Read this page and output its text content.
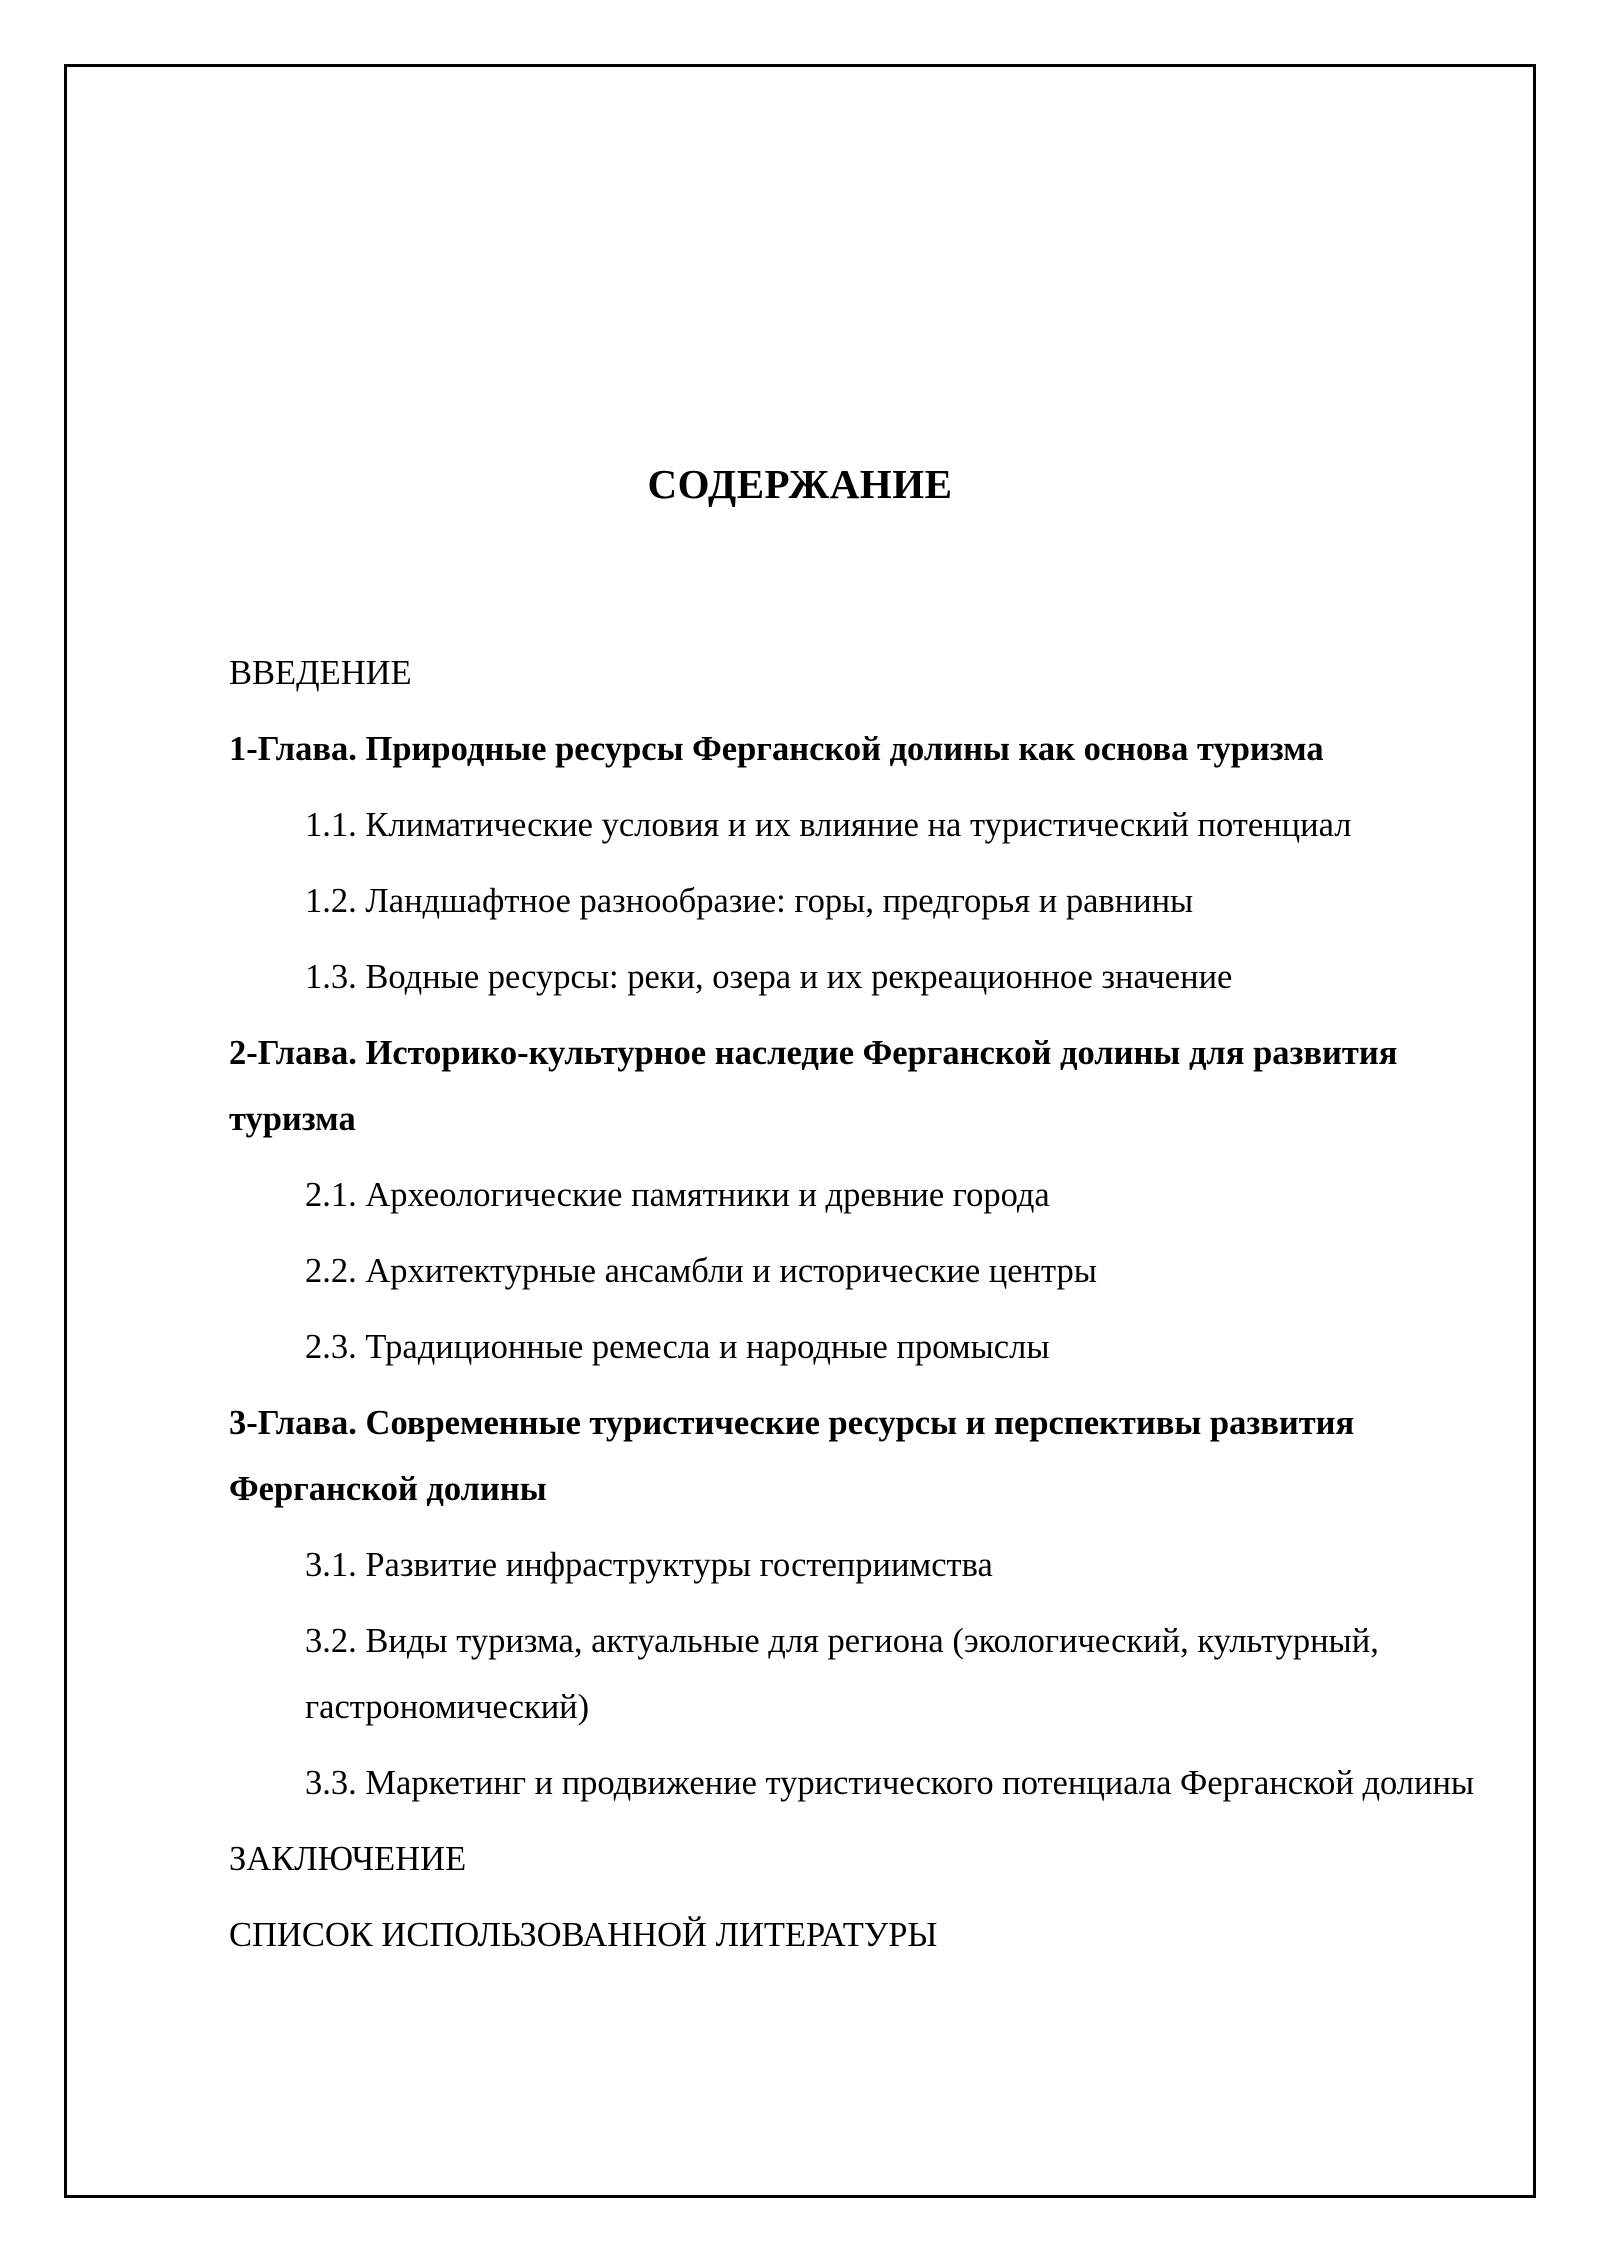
СОДЕРЖАНИЕ
ВВЕДЕНИЕ
1-Глава. Природные ресурсы Ферганской долины как основа туризма
1.1. Климатические условия и их влияние на туристический потенциал
1.2. Ландшафтное разнообразие: горы, предгорья и равнины
1.3. Водные ресурсы: реки, озера и их рекреационное значение
2-Глава. Историко-культурное наследие Ферганской долины для развития туризма
2.1. Археологические памятники и древние города
2.2. Архитектурные ансамбли и исторические центры
2.3. Традиционные ремесла и народные промыслы
3-Глава. Современные туристические ресурсы и перспективы развития Ферганской долины
3.1. Развитие инфраструктуры гостеприимства
3.2. Виды туризма, актуальные для региона (экологический, культурный, гастрономический)
3.3. Маркетинг и продвижение туристического потенциала Ферганской долины
ЗАКЛЮЧЕНИЕ
СПИСОК ИСПОЛЬЗОВАННОЙ ЛИТЕРАТУРЫ
